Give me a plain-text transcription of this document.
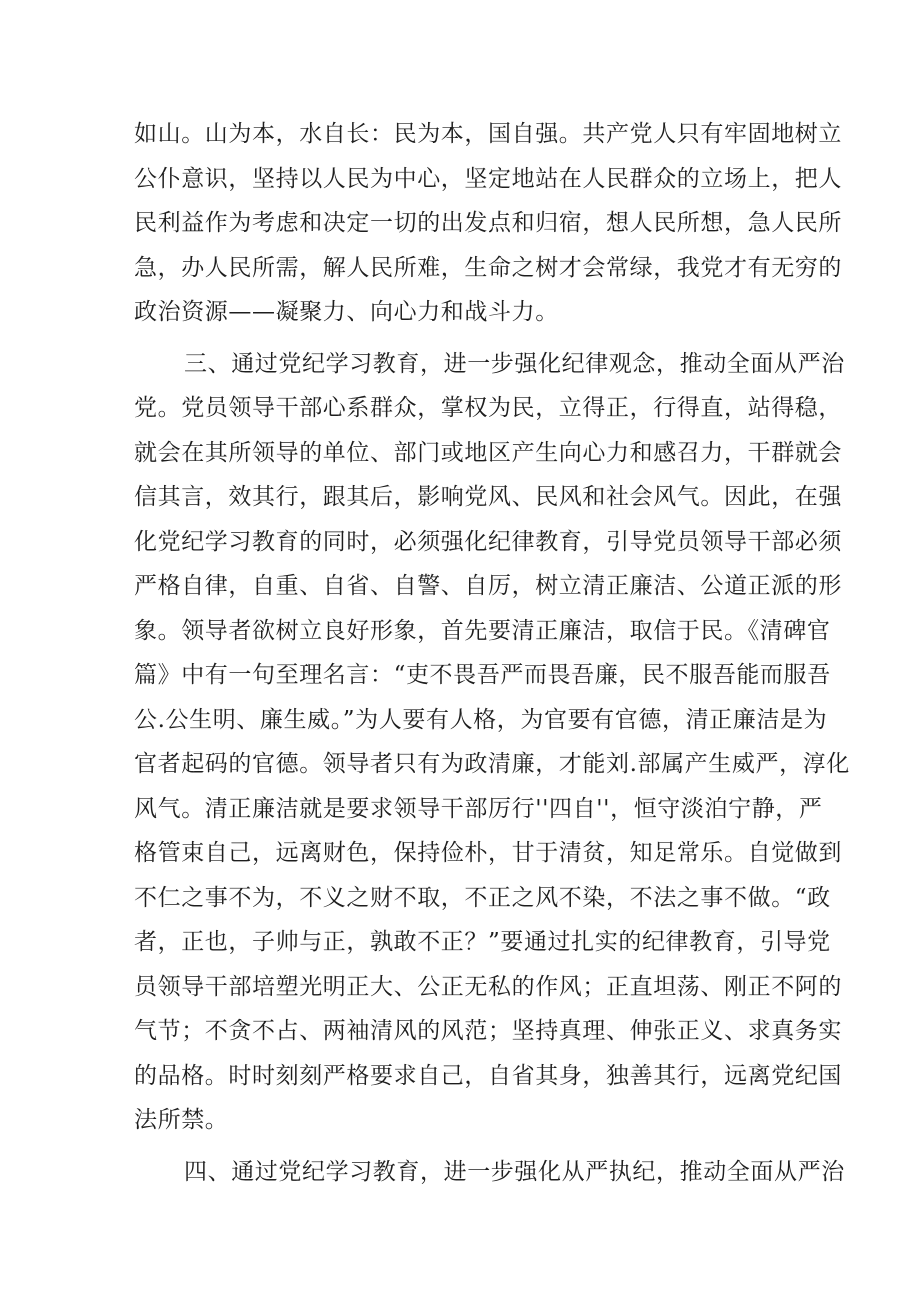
如山。山为本，水自长：民为本，国自强。共产党人只有牢固地树立
公仆意识，坚持以人民为中心，坚定地站在人民群众的立场上，把人
民利益作为考虑和决定一切的出发点和归宿，想人民所想，急人民所
急，办人民所需，解人民所难，生命之树才会常绿，我党才有无穷的
政治资源——凝聚力、向心力和战斗力。
三、通过党纪学习教育，进一步强化纪律观念，推动全面从严治
党。党员领导干部心系群众，掌权为民，立得正，行得直，站得稳，
就会在其所领导的单位、部门或地区产生向心力和感召力，干群就会
信其言，效其行，跟其后，影响党风、民风和社会风气。因此，在强
化党纪学习教育的同时，必须强化纪律教育，引导党员领导干部必须
严格自律，自重、自省、自警、自厉，树立清正廉洁、公道正派的形
象。领导者欲树立良好形象，首先要清正廉洁，取信于民。《清碑官
篇》中有一句至理名言：“吏不畏吾严而畏吾廉，民不服吾能而服吾
公.公生明、廉生威。”为人要有人格，为官要有官德，清正廉洁是为
官者起码的官德。领导者只有为政清廉，才能刘.部属产生威严，淳化
风气。清正廉洁就是要求领导干部厉行''四自''，恒守淡泊宁静，严
格管束自己，远离财色，保持俭朴，甘于清贫，知足常乐。自觉做到
不仁之事不为，不义之财不取，不正之风不染，不法之事不做。“政
者，正也，子帅与正，孰敢不正？”要通过扎实的纪律教育，引导党
员领导干部培塑光明正大、公正无私的作风；正直坦荡、刚正不阿的
气节；不贪不占、两袖清风的风范；坚持真理、伸张正义、求真务实
的品格。时时刻刻严格要求自己，自省其身，独善其行，远离党纪国
法所禁。
四、通过党纪学习教育，进一步强化从严执纪，推动全面从严治
